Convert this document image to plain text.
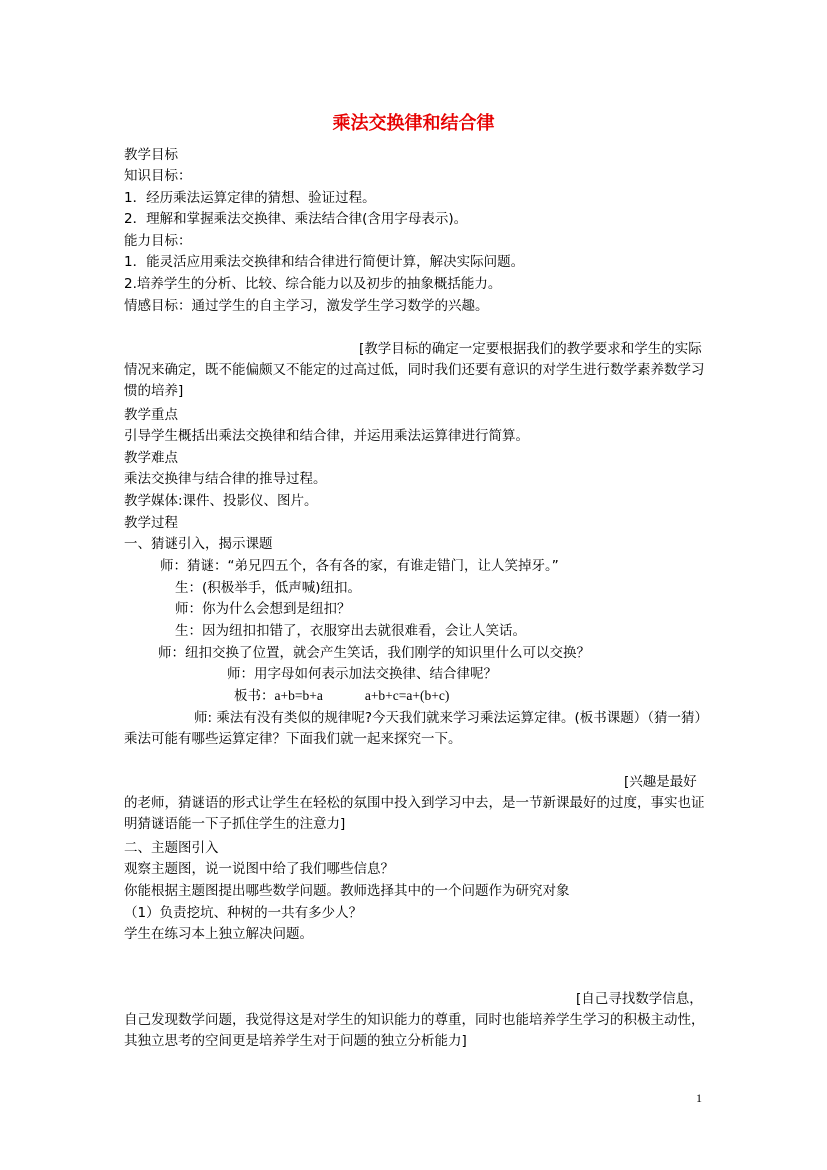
乘法交换律和结合律

教学目标

知识目标：

1．经历乘法运算定律的猜想、验证过程。

2．理解和掌握乘法交换律、乘法结合律(含用字母表示)。

能力目标：

1．能灵活应用乘法交换律和结合律进行简便计算，解决实际问题。

2.培养学生的分析、比较、综合能力以及初步的抽象概括能力。

情感目标：通过学生的自主学习，激发学生学习数学的兴趣。

[教学目标的确定一定要根据我们的教学要求和学生的实际情况来确定，既不能偏颇又不能定的过高过低，同时我们还要有意识的对学生进行数学素养数学习惯的培养]

教学重点

引导学生概括出乘法交换律和结合律，并运用乘法运算律进行简算。

教学难点

乘法交换律与结合律的推导过程。

教学媒体:课件、投影仪、图片。

教学过程

一、猜谜引入，揭示课题

师：猜谜：“弟兄四五个，各有各的家，有谁走错门，让人笑掉牙。”

生：(积极举手，低声喊)纽扣。

师：你为什么会想到是纽扣？

生：因为纽扣扣错了，衣服穿出去就很难看，会让人笑话。

师：纽扣交换了位置，就会产生笑话，我们刚学的知识里什么可以交换？

师：用字母如何表示加法交换律、结合律呢？

板书：a+b=b+a	a+b+c=a+(b+c)

师: 乘法有没有类似的规律呢?今天我们就来学习乘法运算定律。(板书课题）（猜一猜）乘法可能有哪些运算定律？下面我们就一起来探究一下。

[兴趣是最好的老师，猜谜语的形式让学生在轻松的氛围中投入到学习中去，是一节新课最好的过度，事实也证明猜谜语能一下子抓住学生的注意力]

二、主题图引入

观察主题图，说一说图中给了我们哪些信息？

你能根据主题图提出哪些数学问题。教师选择其中的一个问题作为研究对象

（1）负责挖坑、种树的一共有多少人？

学生在练习本上独立解决问题。

[自己寻找数学信息，自己发现数学问题，我觉得这是对学生的知识能力的尊重，同时也能培养学生学习的积极主动性，其独立思考的空间更是培养学生对于问题的独立分析能力]

1
